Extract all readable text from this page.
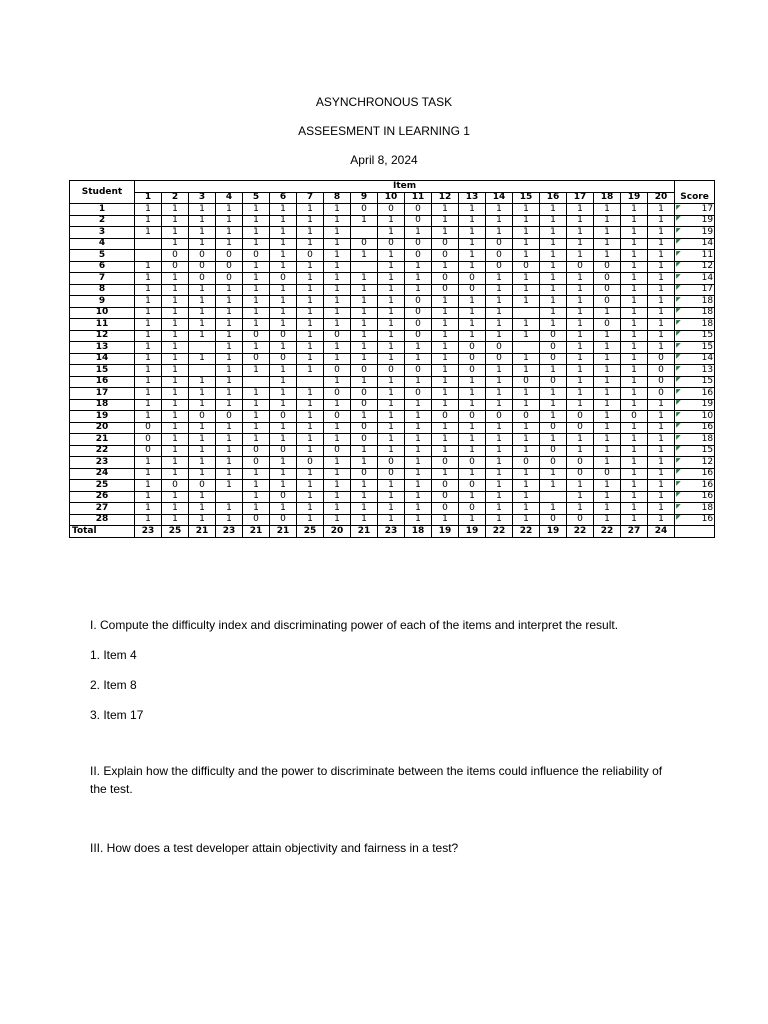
ASYNCHRONOUS TASK
ASSEESMENT IN LEARNING 1
April 8, 2024
Student	Item																				
	1	2	3	4	5	6	7	8	9	10	11	12	13	14	15	16	17	18	19	20	Score
1	1	1	1	1	1	1	1	1	0	0	0	1	1	1	1	1	1	1	1	1	◤ 17
2	1	1	1	1	1	1	1	1	1	1	0	1	1	1	1	1	1	1	1	1	◤ 19
3	1	1	1	1	1	1	1	1		1	1	1	1	1	1	1	1	1	1	1	◤ 19
4		1	1	1	1	1	1	1	0	0	0	0	1	0	1	1	1	1	1	1	◤ 14
5		0	0	0	0	1	0	1	1	1	0	0	1	0	1	1	1	1	1	1	◤ 11
6	1	0	0	0	1	1	1	1		1	1	1	1	0	0	1	0	0	1	1	◤ 12
7	1	1	0	0	1	0	1	1	1	1	1	0	0	1	1	1	1	0	1	1	◤ 14
8	1	1	1	1	1	1	1	1	1	1	1	0	0	1	1	1	1	0	1	1	◤ 17
9	1	1	1	1	1	1	1	1	1	1	0	1	1	1	1	1	1	0	1	1	◤ 18
10	1	1	1	1	1	1	1	1	1	1	0	1	1	1		1	1	1	1	1	◤ 18
11	1	1	1	1	1	1	1	1	1	1	0	1	1	1	1	1	1	0	1	1	◤ 18
12	1	1	1	1	0	0	1	0	1	1	0	1	1	1	1	0	1	1	1	1	◤ 15
13	1	1		1	1	1	1	1	1	1	1	1	0	0		0	1	1	1	1	◤ 15
14	1	1	1	1	0	0	1	1	1	1	1	1	0	0	1	0	1	1	1	0	◤ 14
15	1	1		1	1	1	1	0	0	0	0	1	0	1	1	1	1	1	1	0	◤ 13
16	1	1	1	1		1		1	1	1	1	1	1	1	0	0	1	1	1	0	◤ 15
17	1	1	1	1	1	1	1	0	0	1	0	1	1	1	1	1	1	1	1	0	◤ 16
18	1	1	1	1	1	1	1	1	0	1	1	1	1	1	1	1	1	1	1	1	◤ 19
19	1	1	0	0	1	0	1	0	1	1	1	0	0	0	0	1	0	1	0	1	◤ 10
20	0	1	1	1	1	1	1	1	0	1	1	1	1	1	1	0	0	1	1	1	◤ 16
21	0	1	1	1	1	1	1	1	0	1	1	1	1	1	1	1	1	1	1	1	◤ 18
22	0	1	1	1	0	0	1	0	1	1	1	1	1	1	1	0	1	1	1	1	◤ 15
23	1	1	1	1	0	1	0	1	1	0	1	0	0	1	0	0	0	1	1	1	◤ 12
24	1	1	1	1	1	1	1	1	0	0	1	1	1	1	1	1	0	0	1	1	◤ 16
25	1	0	0	1	1	1	1	1	1	1	1	0	0	1	1	1	1	1	1	1	◤ 16
26	1	1	1		1	0	1	1	1	1	1	0	1	1	1		1	1	1	1	◤ 16
27	1	1	1	1	1	1	1	1	1	1	1	0	0	1	1	1	1	1	1	1	◤ 18
28	1	1	1	1	0	0	1	1	1	1	1	1	1	1	1	0	0	1	1	1	◤ 16
Total	23	25	21	23	21	21	25	20	21	23	18	19	19	22	22	19	22	22	27	24	
I. Compute the difficulty index and discriminating power of each of the items and interpret the result.
1. Item 4
2. Item 8
3. Item 17
II. Explain how the difficulty and the power to discriminate between the items could influence the reliability of the test.
III. How does a test developer attain objectivity and fairness in a test?
